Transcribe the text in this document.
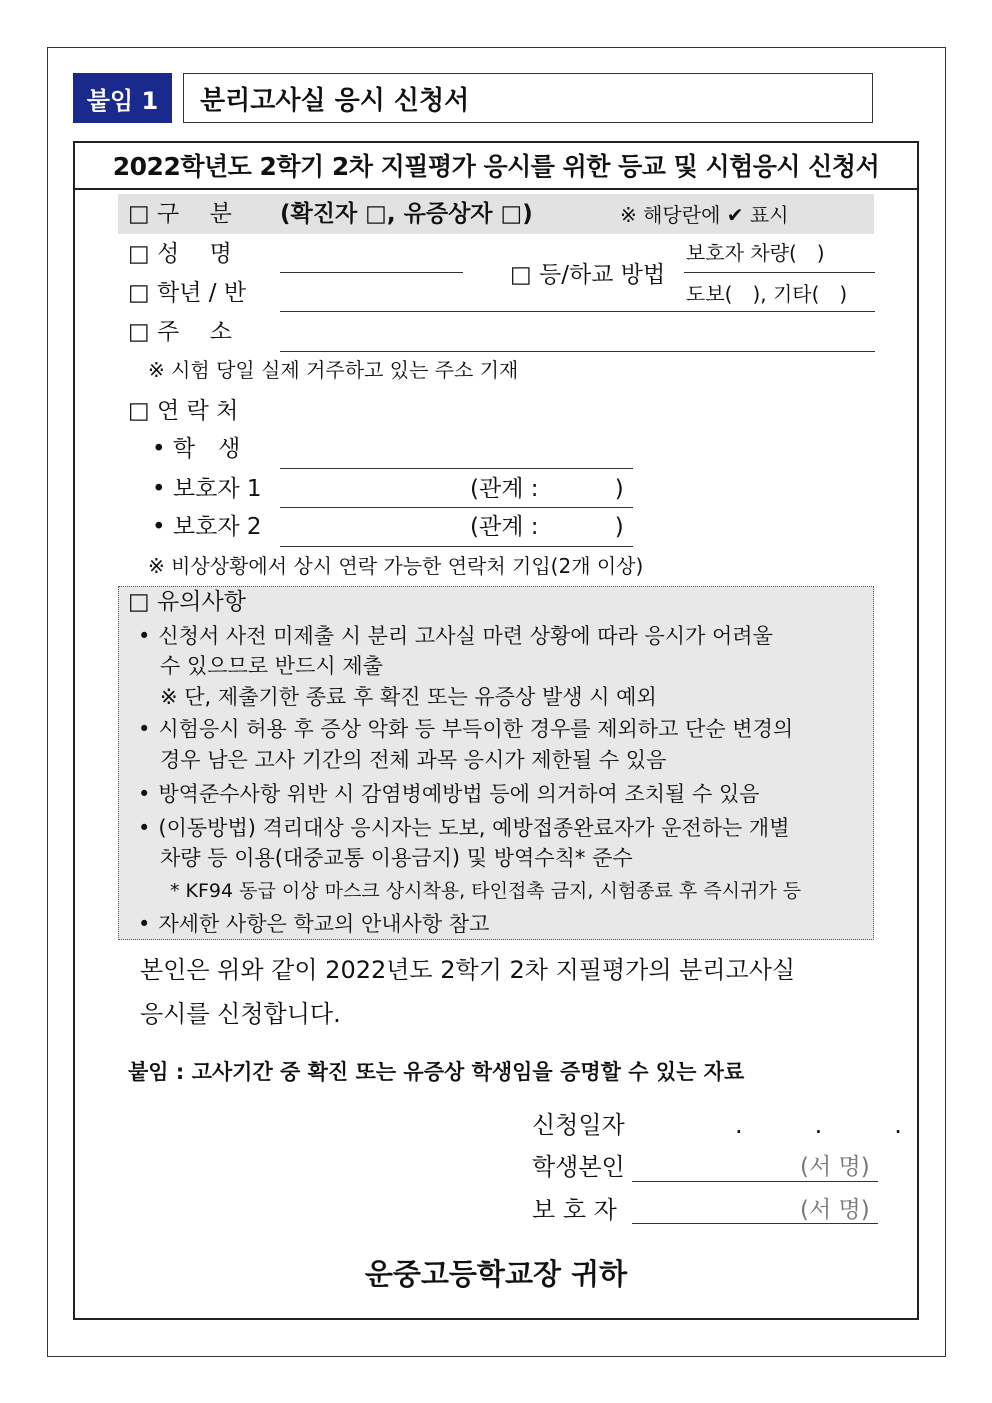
붙임 1	분리고사실 응시 신청서
2022학년도 2학기 2차 지필평가 응시를 위한 등교 및 시험응시 신청서
□ 구　 분 (확진자 □, 유증상자 □)	※ 해당란에 ✔ 표시
□ 성　 명
□ 학년 / 반
□ 등/하교 방법
보호자 차량(　)
도보(　), 기타(　)
□ 주　 소
※ 시험 당일 실제 거주하고 있는 주소 기재
□ 연 락 처
• 학　생
• 보호자 1	(관계 :　　　 )
• 보호자 2	(관계 :　　　 )
※ 비상상황에서 상시 연락 가능한 연락처 기입(2개 이상)
□ 유의사항
• 신청서 사전 미제출 시 분리 고사실 마련 상황에 따라 응시가 어려울
수 있으므로 반드시 제출
※ 단, 제출기한 종료 후 확진 또는 유증상 발생 시 예외
• 시험응시 허용 후 증상 악화 등 부득이한 경우를 제외하고 단순 변경의
경우 남은 고사 기간의 전체 과목 응시가 제한될 수 있음
• 방역준수사항 위반 시 감염병예방법 등에 의거하여 조치될 수 있음
• (이동방법) 격리대상 응시자는 도보, 예방접종완료자가 운전하는 개별
차량 등 이용(대중교통 이용금지) 및 방역수칙* 준수
* KF94 동급 이상 마스크 상시착용, 타인접촉 금지, 시험종료 후 즉시귀가 등
• 자세한 사항은 학교의 안내사항 참고
본인은 위와 같이 2022년도 2학기 2차 지필평가의 분리고사실
응시를 신청합니다.
붙임 : 고사기간 중 확진 또는 유증상 학생임을 증명할 수 있는 자료
신청일자	.　　　.　　　.
학생본인	(서 명)
보 호 자	(서 명)
운중고등학교장 귀하
